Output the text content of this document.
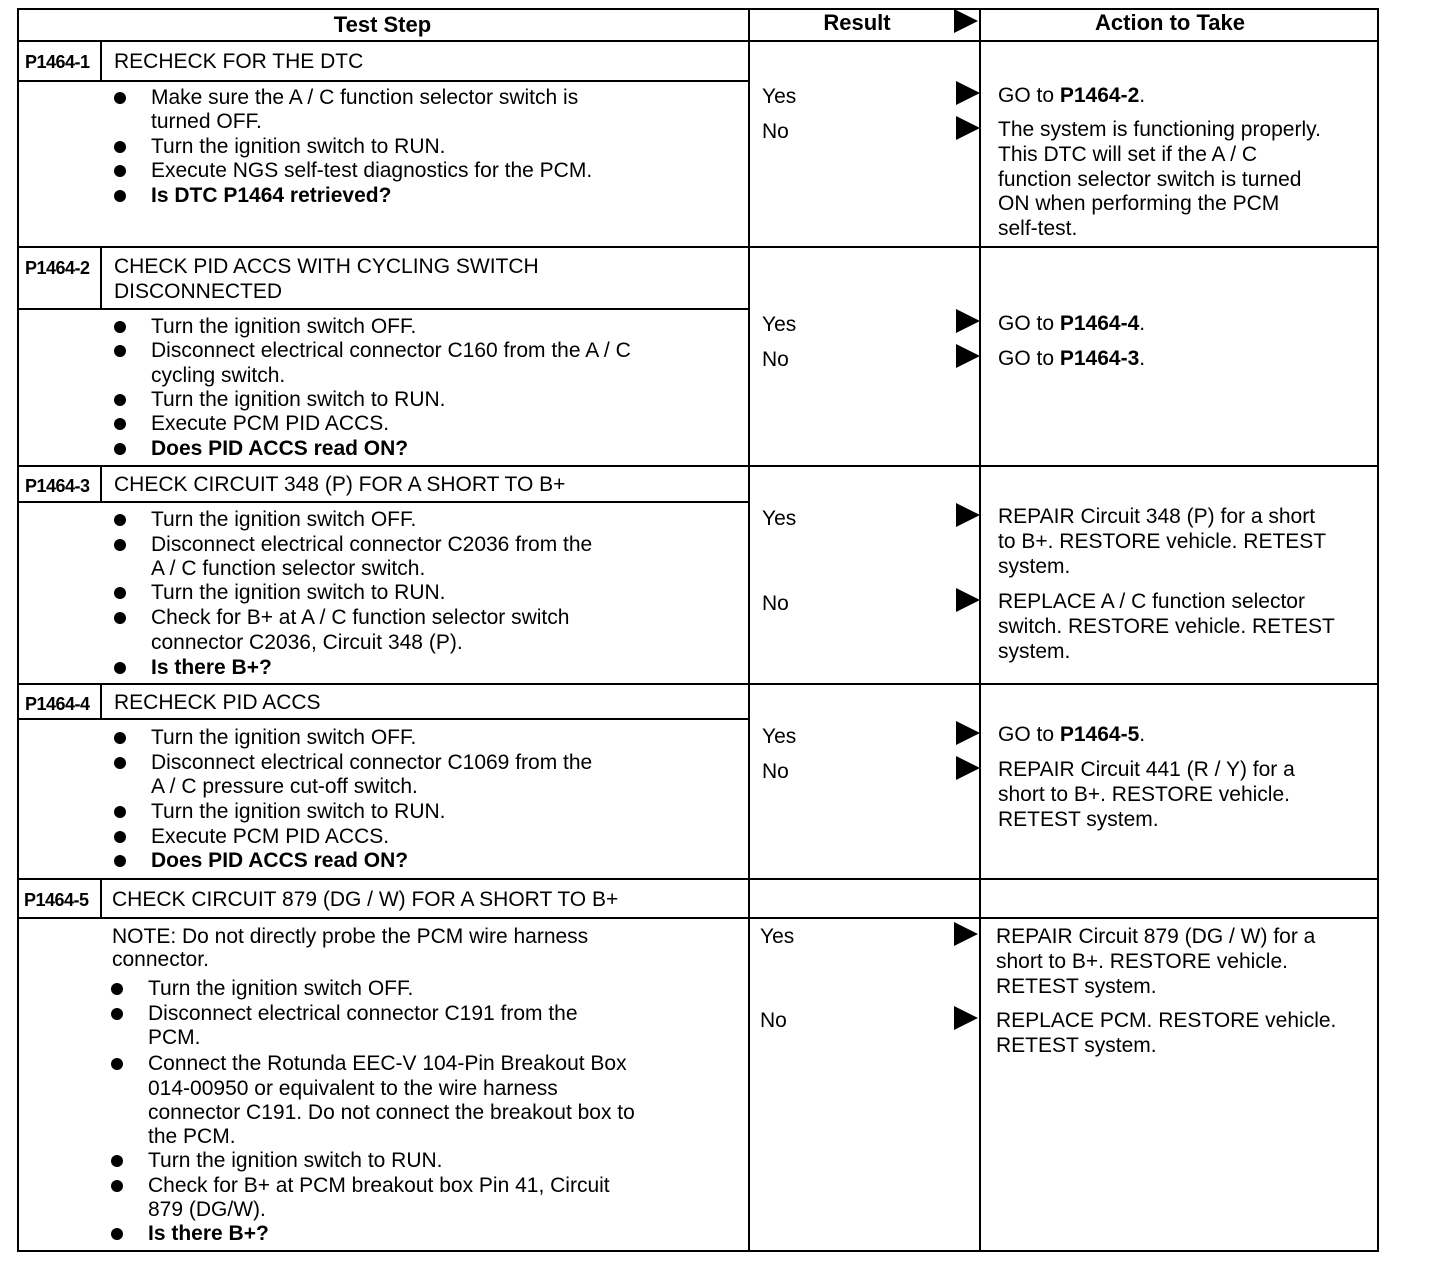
Test Step	Result	Action to Take
P1464-1 RECHECK FOR THE DTC
Make sure the A / C function selector switch is
turned OFF.
Turn the ignition switch to RUN.
Execute NGS self-test diagnostics for the PCM.
Is DTC P1464 retrieved?
Yes
No
GO to P1464-2.
The system is functioning properly.
This DTC will set if the A / C
function selector switch is turned
ON when performing the PCM
self-test.
P1464-2 CHECK PID ACCS WITH CYCLING SWITCH
DISCONNECTED
Turn the ignition switch OFF.
Disconnect electrical connector C160 from the A / C
cycling switch.
Turn the ignition switch to RUN.
Execute PCM PID ACCS.
Does PID ACCS read ON?
Yes
No
GO to P1464-4.
GO to P1464-3.
P1464-3 CHECK CIRCUIT 348 (P) FOR A SHORT TO B+
Turn the ignition switch OFF.
Disconnect electrical connector C2036 from the
A / C function selector switch.
Turn the ignition switch to RUN.
Check for B+ at A / C function selector switch
connector C2036, Circuit 348 (P).
Is there B+?
Yes
No
REPAIR Circuit 348 (P) for a short
to B+. RESTORE vehicle. RETEST
system.
REPLACE A / C function selector
switch. RESTORE vehicle. RETEST
system.
P1464-4 RECHECK PID ACCS
Turn the ignition switch OFF.
Disconnect electrical connector C1069 from the
A / C pressure cut-off switch.
Turn the ignition switch to RUN.
Execute PCM PID ACCS.
Does PID ACCS read ON?
Yes
No
GO to P1464-5.
REPAIR Circuit 441 (R / Y) for a
short to B+. RESTORE vehicle.
RETEST system.
P1464-5 CHECK CIRCUIT 879 (DG / W) FOR A SHORT TO B+
NOTE: Do not directly probe the PCM wire harness
connector.
Turn the ignition switch OFF.
Disconnect electrical connector C191 from the
PCM.
Connect the Rotunda EEC-V 104-Pin Breakout Box
014-00950 or equivalent to the wire harness
connector C191. Do not connect the breakout box to
the PCM.
Turn the ignition switch to RUN.
Check for B+ at PCM breakout box Pin 41, Circuit
879 (DG/W).
Is there B+?
Yes
No
REPAIR Circuit 879 (DG / W) for a
short to B+. RESTORE vehicle.
RETEST system.
REPLACE PCM. RESTORE vehicle.
RETEST system.
